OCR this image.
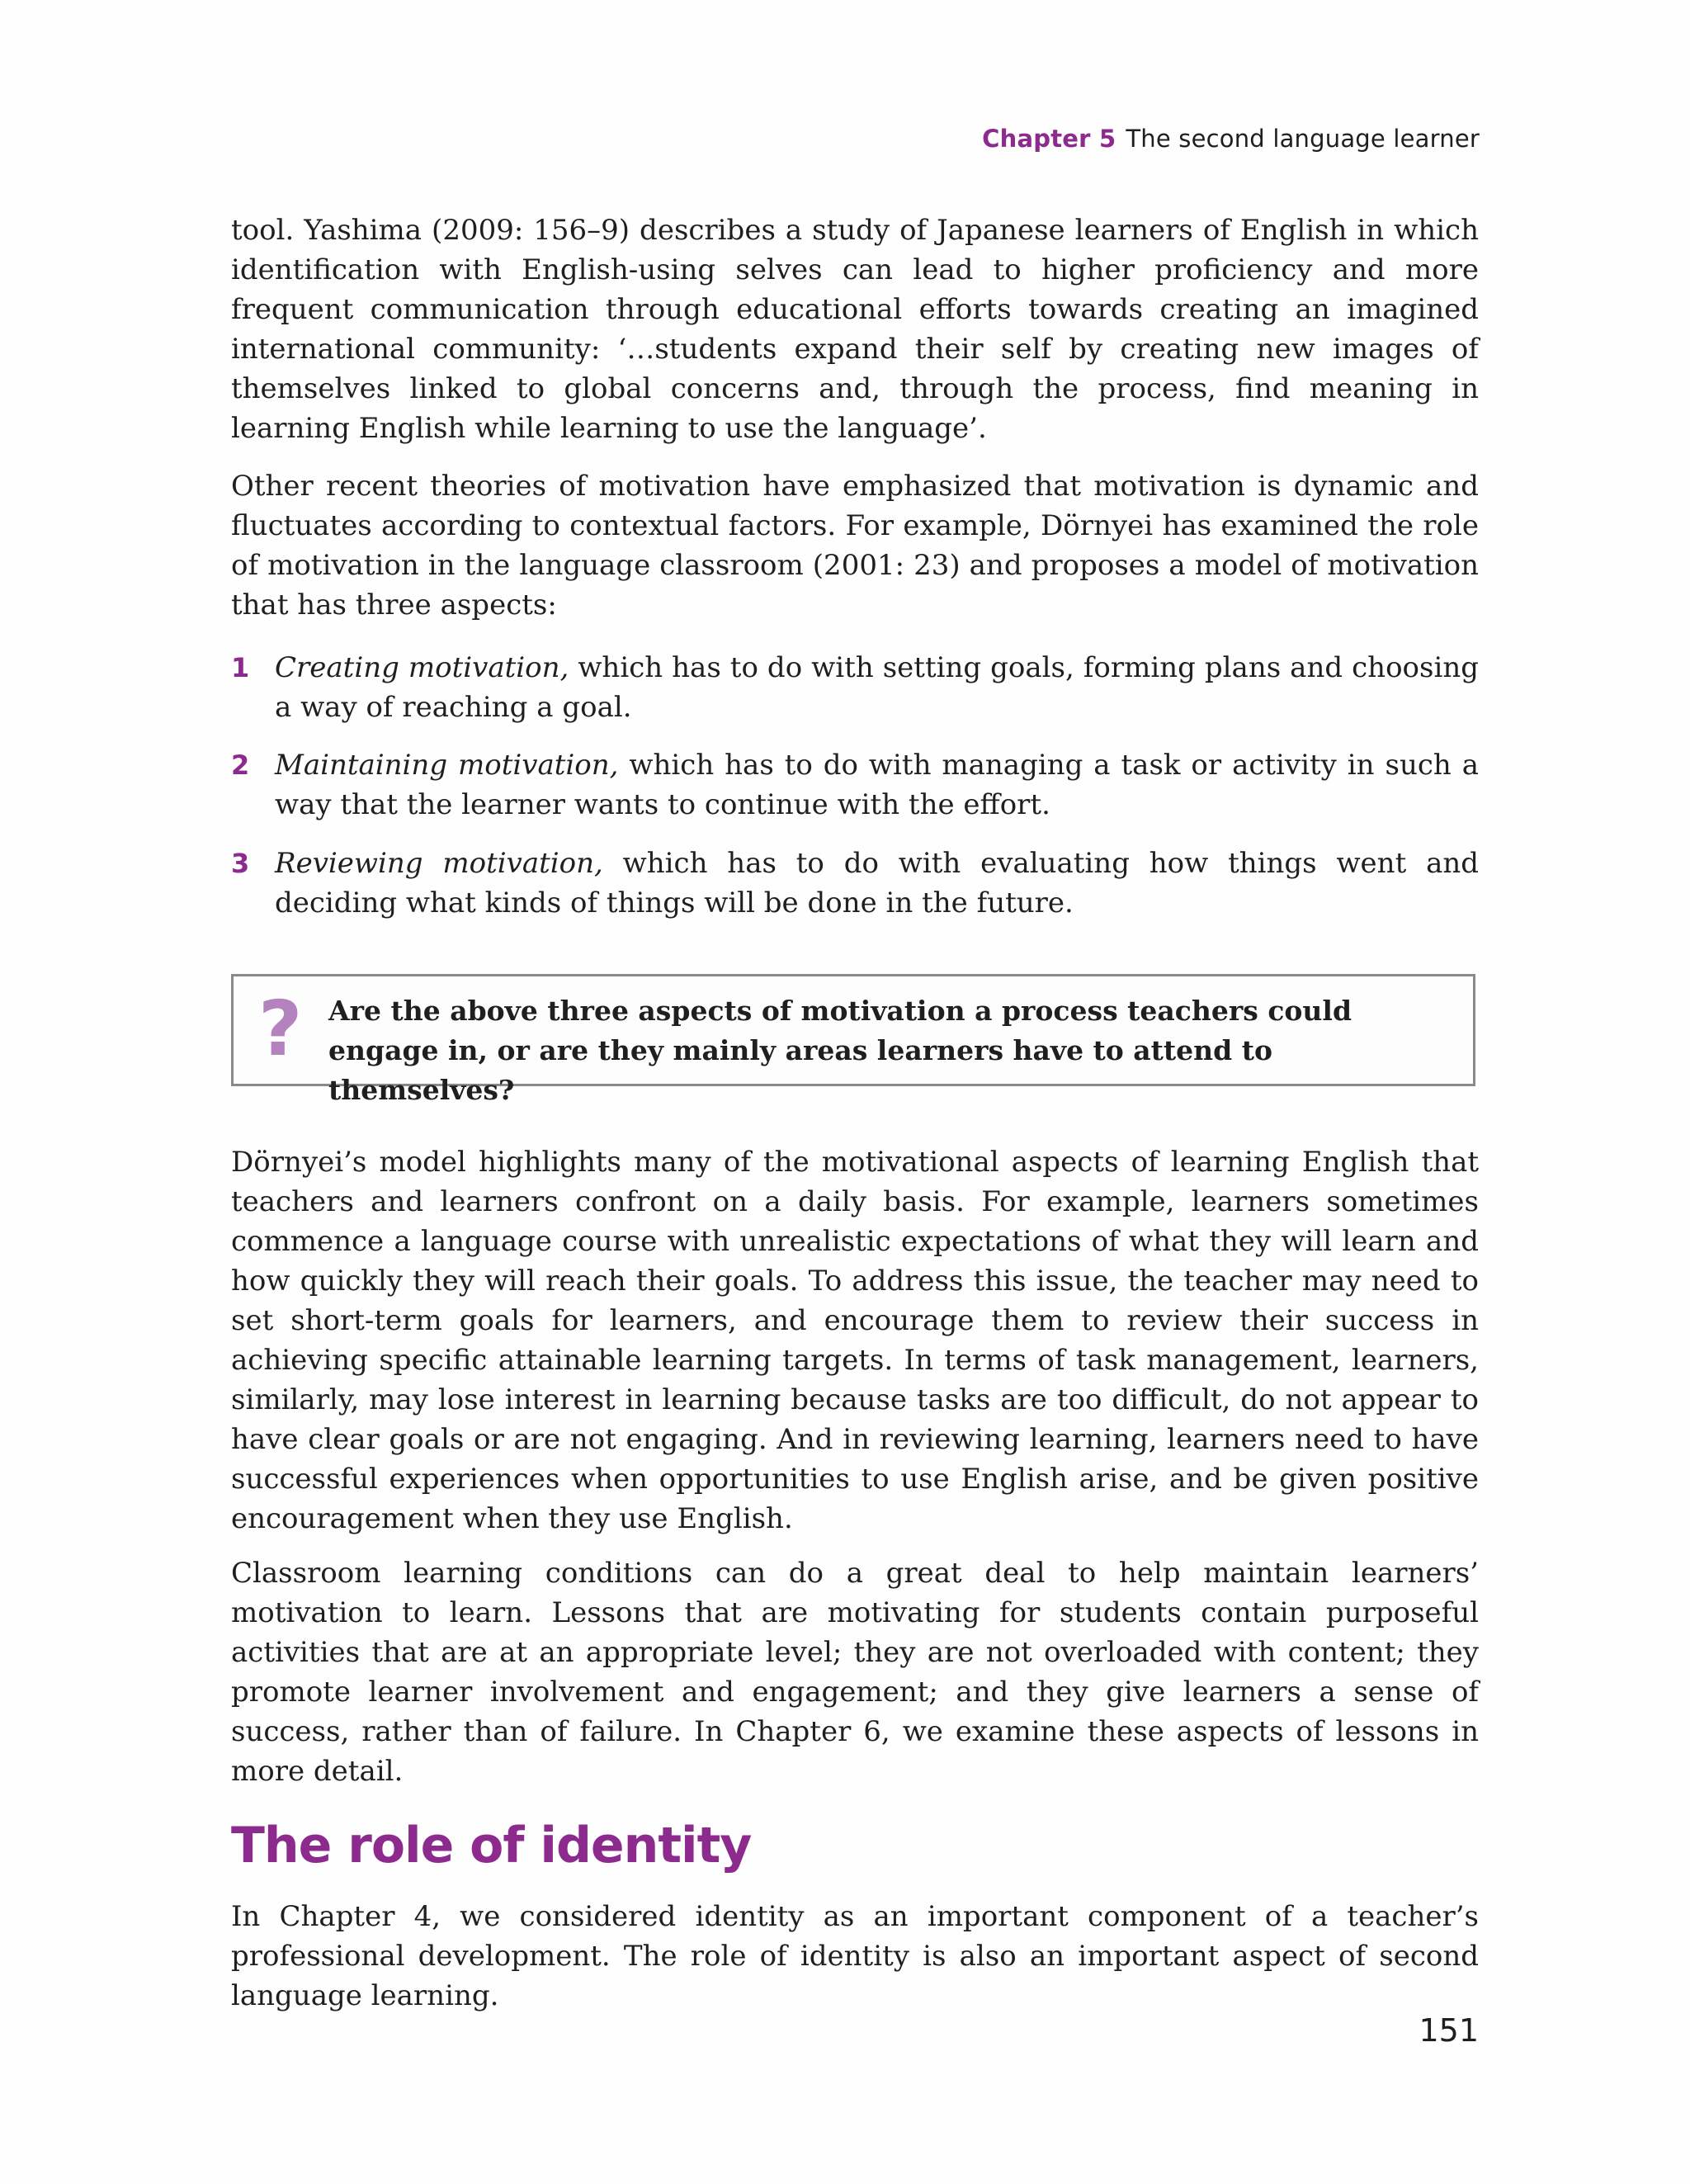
Chapter 5 The second language learner

tool. Yashima (2009: 156–9) describes a study of Japanese learners of English in which identification with English-using selves can lead to higher proficiency and more frequent communication through educational efforts towards creating an imagined international community: ‘…students expand their self by creating new images of themselves linked to global concerns and, through the process, find meaning in learning English while learning to use the language’.

Other recent theories of motivation have emphasized that motivation is dynamic and fluctuates according to contextual factors. For example, Dörnyei has examined the role of motivation in the language classroom (2001: 23) and proposes a model of motivation that has three aspects:

1 Creating motivation, which has to do with setting goals, forming plans and choosing a way of reaching a goal.
2 Maintaining motivation, which has to do with managing a task or activity in such a way that the learner wants to continue with the effort.
3 Reviewing motivation, which has to do with evaluating how things went and deciding what kinds of things will be done in the future.
? Are the above three aspects of motivation a process teachers could engage in, or are they mainly areas learners have to attend to themselves?

Dörnyei’s model highlights many of the motivational aspects of learning English that teachers and learners confront on a daily basis. For example, learners sometimes commence a language course with unrealistic expectations of what they will learn and how quickly they will reach their goals. To address this issue, the teacher may need to set short-term goals for learners, and encourage them to review their success in achieving specific attainable learning targets. In terms of task management, learners, similarly, may lose interest in learning because tasks are too difficult, do not appear to have clear goals or are not engaging. And in reviewing learning, learners need to have successful experiences when opportunities to use English arise, and be given positive encouragement when they use English.

Classroom learning conditions can do a great deal to help maintain learners’ motivation to learn. Lessons that are motivating for students contain purposeful activities that are at an appropriate level; they are not overloaded with content; they promote learner involvement and engagement; and they give learners a sense of success, rather than of failure. In Chapter 6, we examine these aspects of lessons in more detail.

The role of identity

In Chapter 4, we considered identity as an important component of a teacher’s professional development. The role of identity is also an important aspect of second language learning.

151
